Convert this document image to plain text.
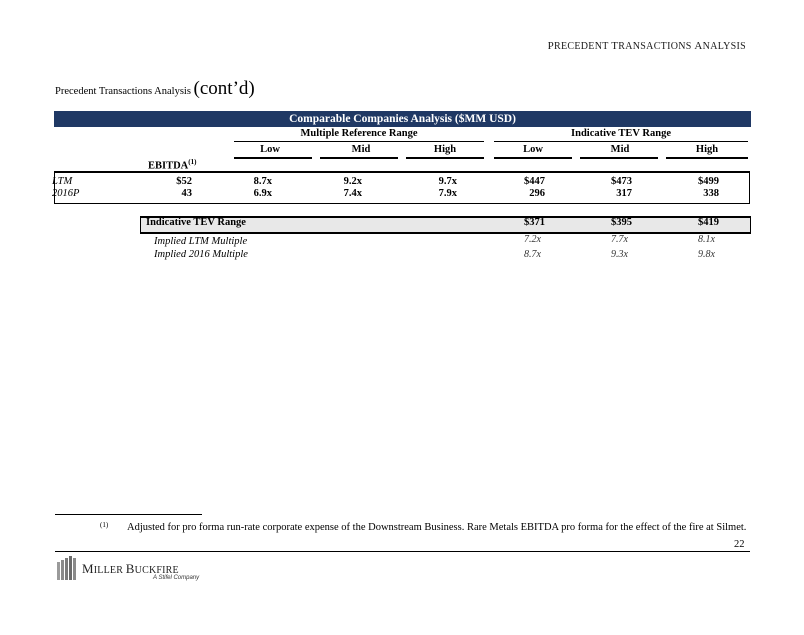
PRECEDENT TRANSACTIONS ANALYSIS
Precedent Transactions Analysis (cont’d)
Comparable Companies Analysis ($MM USD)
Multiple Reference Range	Indicative TEV Range
Low	Mid	High	Low	Mid	High
EBITDA$^{(1)}$
LTM	$52	8.7x	9.2x	9.7x	$447	$473	$499
2016P	43	6.9x	7.4x	7.9x	296	317	338
Indicative TEV Range	$371	$395	$419
Implied LTM Multiple	7.2x	7.7x	8.1x
Implied 2016 Multiple	8.7x	9.3x	9.8x
(1) Adjusted for pro forma run-rate corporate expense of the Downstream Business. Rare Metals EBITDA pro forma for the effect of the fire at Silmet.
22
MILLER BUCKFIRE
A Stifel Company
